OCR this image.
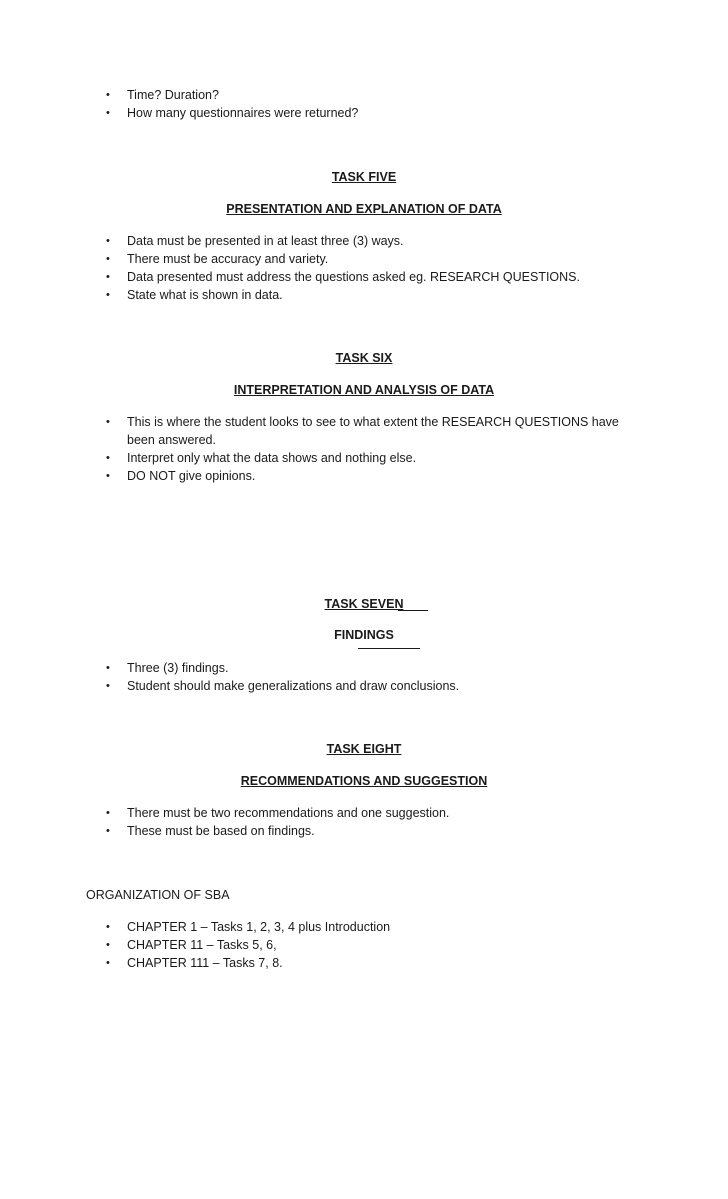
• Time? Duration?
• How many questionnaires were returned?
TASK FIVE
PRESENTATION AND EXPLANATION OF DATA
• Data must be presented in at least three (3) ways.
• There must be accuracy and variety.
• Data presented must address the questions asked eg. RESEARCH QUESTIONS.
• State what is shown in data.
TASK SIX
INTERPRETATION AND ANALYSIS OF DATA
• This is where the student looks to see to what extent the RESEARCH QUESTIONS have been answered.
• Interpret only what the data shows and nothing else.
• DO NOT give opinions.
TASK SEVEN
FINDINGS
• Three (3) findings.
• Student should make generalizations and draw conclusions.
TASK EIGHT
RECOMMENDATIONS AND SUGGESTION
• There must be two recommendations and one suggestion.
• These must be based on findings.
ORGANIZATION OF SBA
• CHAPTER 1 – Tasks 1, 2, 3, 4 plus Introduction
• CHAPTER 11 – Tasks 5, 6,
• CHAPTER 111 – Tasks 7, 8.
